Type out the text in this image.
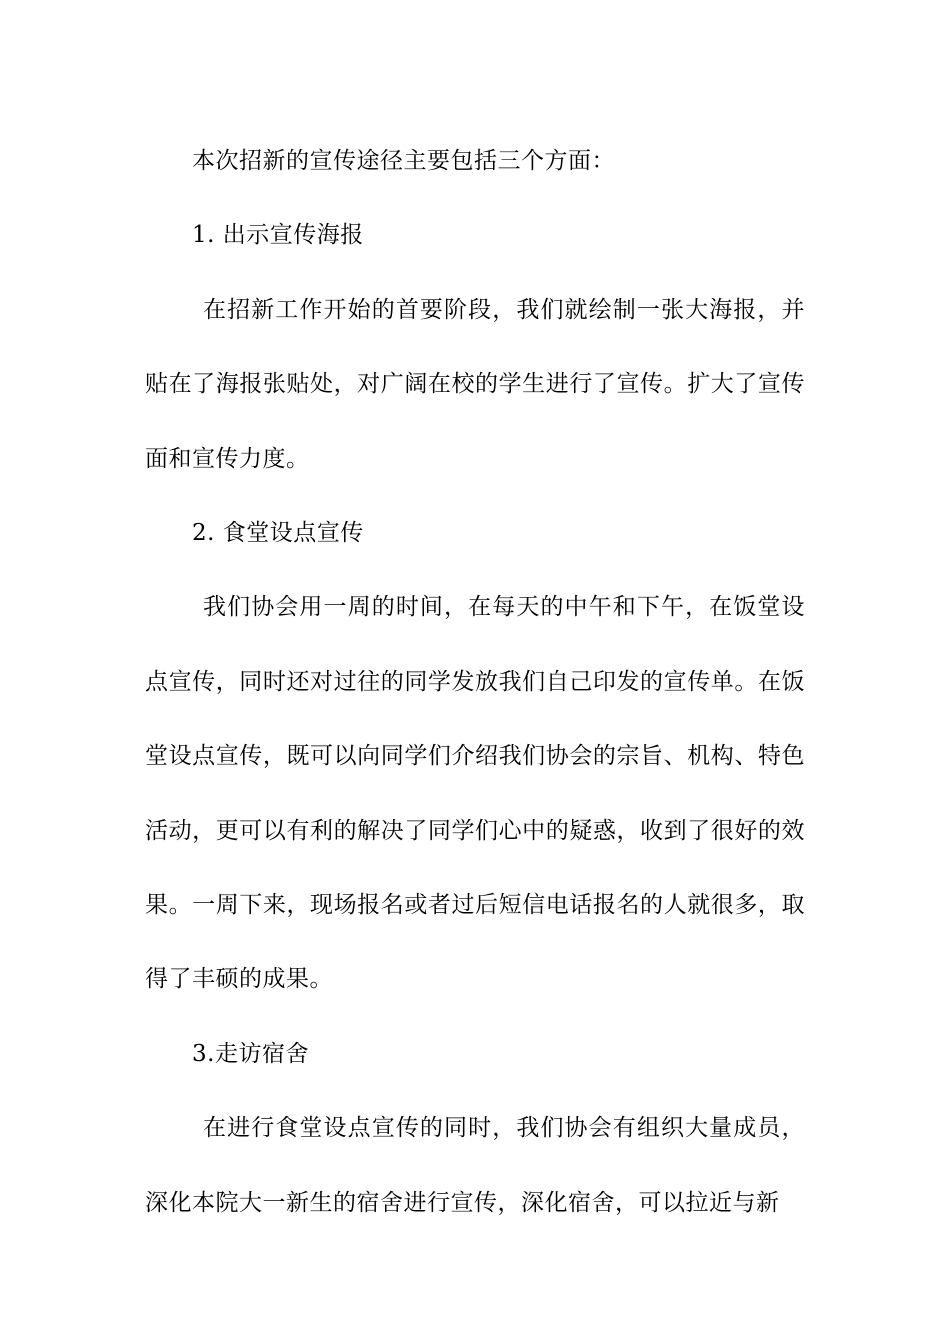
本次招新的宣传途径主要包括三个方面：

1. 出示宣传海报

在招新工作开始的首要阶段，我们就绘制一张大海报，并贴在了海报张贴处，对广阔在校的学生进行了宣传。扩大了宣传面和宣传力度。

2. 食堂设点宣传

我们协会用一周的时间，在每天的中午和下午，在饭堂设点宣传，同时还对过往的同学发放我们自己印发的宣传单。在饭堂设点宣传，既可以向同学们介绍我们协会的宗旨、机构、特色活动，更可以有利的解决了同学们心中的疑惑，收到了很好的效果。一周下来，现场报名或者过后短信电话报名的人就很多，取得了丰硕的成果。

3.走访宿舍

在进行食堂设点宣传的同时，我们协会有组织大量成员，深化本院大一新生的宿舍进行宣传，深化宿舍，可以拉近与新
